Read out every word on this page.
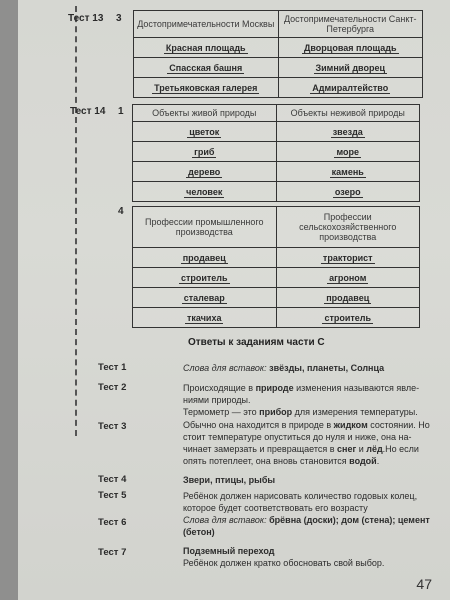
Тест 13 3 Достопримечательности Москвы	Достопримечательности Санкт-Петербурга
Красная площадь	Дворцовая площадь
Спасская башня	Зимний дворец
Третьяковская галерея	Адмиралтейство
Тест 14 1	Объекты живой природы	Объекты неживой природы
цветок	звезда
гриб	море
дерево	камень
человек	озеро
4
Профессии промышленного производства	Профессии сельскохозяйственного производства
продавец	тракторист
строитель	агроном
сталевар	продавец
ткачиха	строитель
Ответы к заданиям части С
Тест 1	Слова для вставок: звёзды, планеты, Солнца
Тест 2	Происходящие в природе изменения называются явле-ниями природы.
Термометр — это прибор для измерения температуры.
Тест 3	Обычно она находится в природе в жидком состоянии. Но стоит температуре опуститься до нуля и ниже, она на-чинает замерзать и превращается в снег и лёд.Но если опять потеплеет, она вновь становится водой.
Тест 4	Звери, птицы, рыбы
Тест 5	Ребёнок должен нарисовать количество годовых колец, которое будет соответствовать его возрасту
Тест 6	Слова для вставок: брёвна (доски); дом (стена); цемент (бетон)
Тест 7	Подземный переход
Ребёнок должен кратко обосновать свой выбор.
47
